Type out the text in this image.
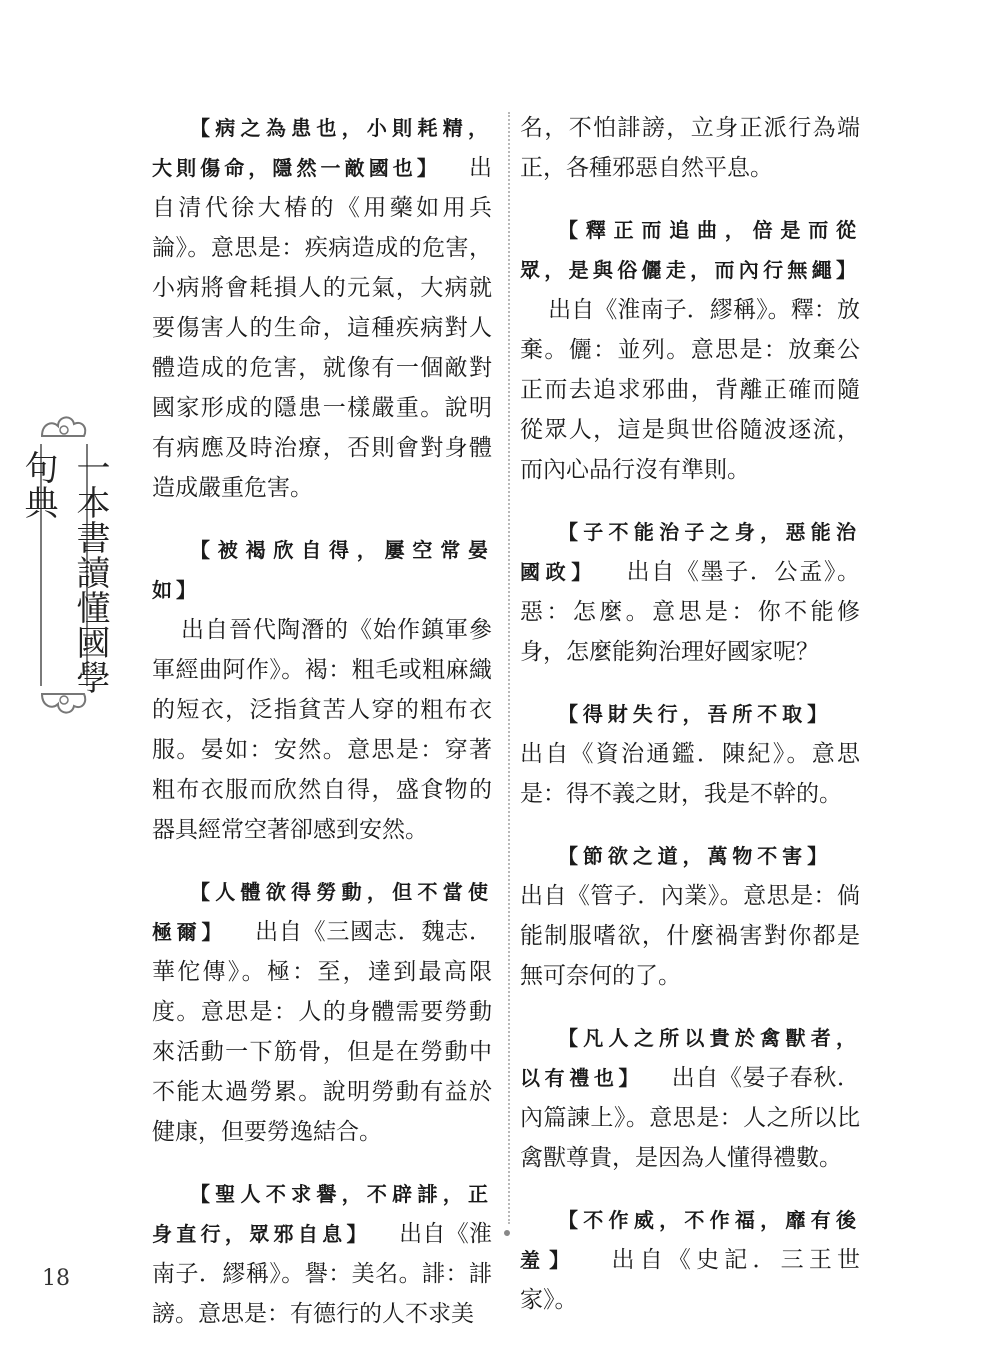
一本書讀懂國學句典
【病之為患也，小則耗精，大則傷命，隱然一敵國也】 出自清代徐大椿的《用藥如用兵論》。意思是：疾病造成的危害，小病將會耗損人的元氣，大病就要傷害人的生命，這種疾病對人體造成的危害，就像有一個敵對國家形成的隱患一樣嚴重。說明有病應及時治療，否則會對身體造成嚴重危害。
【被褐欣自得，屢空常晏如】
出自晉代陶潛的《始作鎮軍參軍經曲阿作》。褐：粗毛或粗麻織的短衣，泛指貧苦人穿的粗布衣服。晏如：安然。意思是：穿著粗布衣服而欣然自得，盛食物的器具經常空著卻感到安然。
【人體欲得勞動，但不當使極爾】 出自《三國志．魏志．華佗傳》。極：至，達到最高限度。意思是：人的身體需要勞動來活動一下筋骨，但是在勞動中不能太過勞累。說明勞動有益於健康，但要勞逸結合。
【聖人不求譽，不辟誹，正身直行，眾邪自息】 出自《淮南子．繆稱》。譽：美名。誹：誹謗。意思是：有德行的人不求美
名，不怕誹謗，立身正派行為端正，各種邪惡自然平息。
【釋正而追曲，倍是而從眾，是與俗儷走，而內行無繩】出自《淮南子．繆稱》。釋：放棄。儷：並列。意思是：放棄公正而去追求邪曲，背離正確而隨從眾人，這是與世俗隨波逐流，而內心品行沒有準則。
【子不能治子之身，惡能治國政】 出自《墨子．公孟》。惡：怎麼。意思是：你不能修身，怎麼能夠治理好國家呢？
【得財失行，吾所不取】出自《資治通鑑．陳紀》。意思是：得不義之財，我是不幹的。
【節欲之道，萬物不害】出自《管子．內業》。意思是：倘能制服嗜欲，什麼禍害對你都是無可奈何的了。
【凡人之所以貴於禽獸者，以有禮也】 出自《晏子春秋．內篇諫上》。意思是：人之所以比禽獸尊貴，是因為人懂得禮數。
【不作威，不作福，靡有後羞】 出自《史記．三王世家》。
18
